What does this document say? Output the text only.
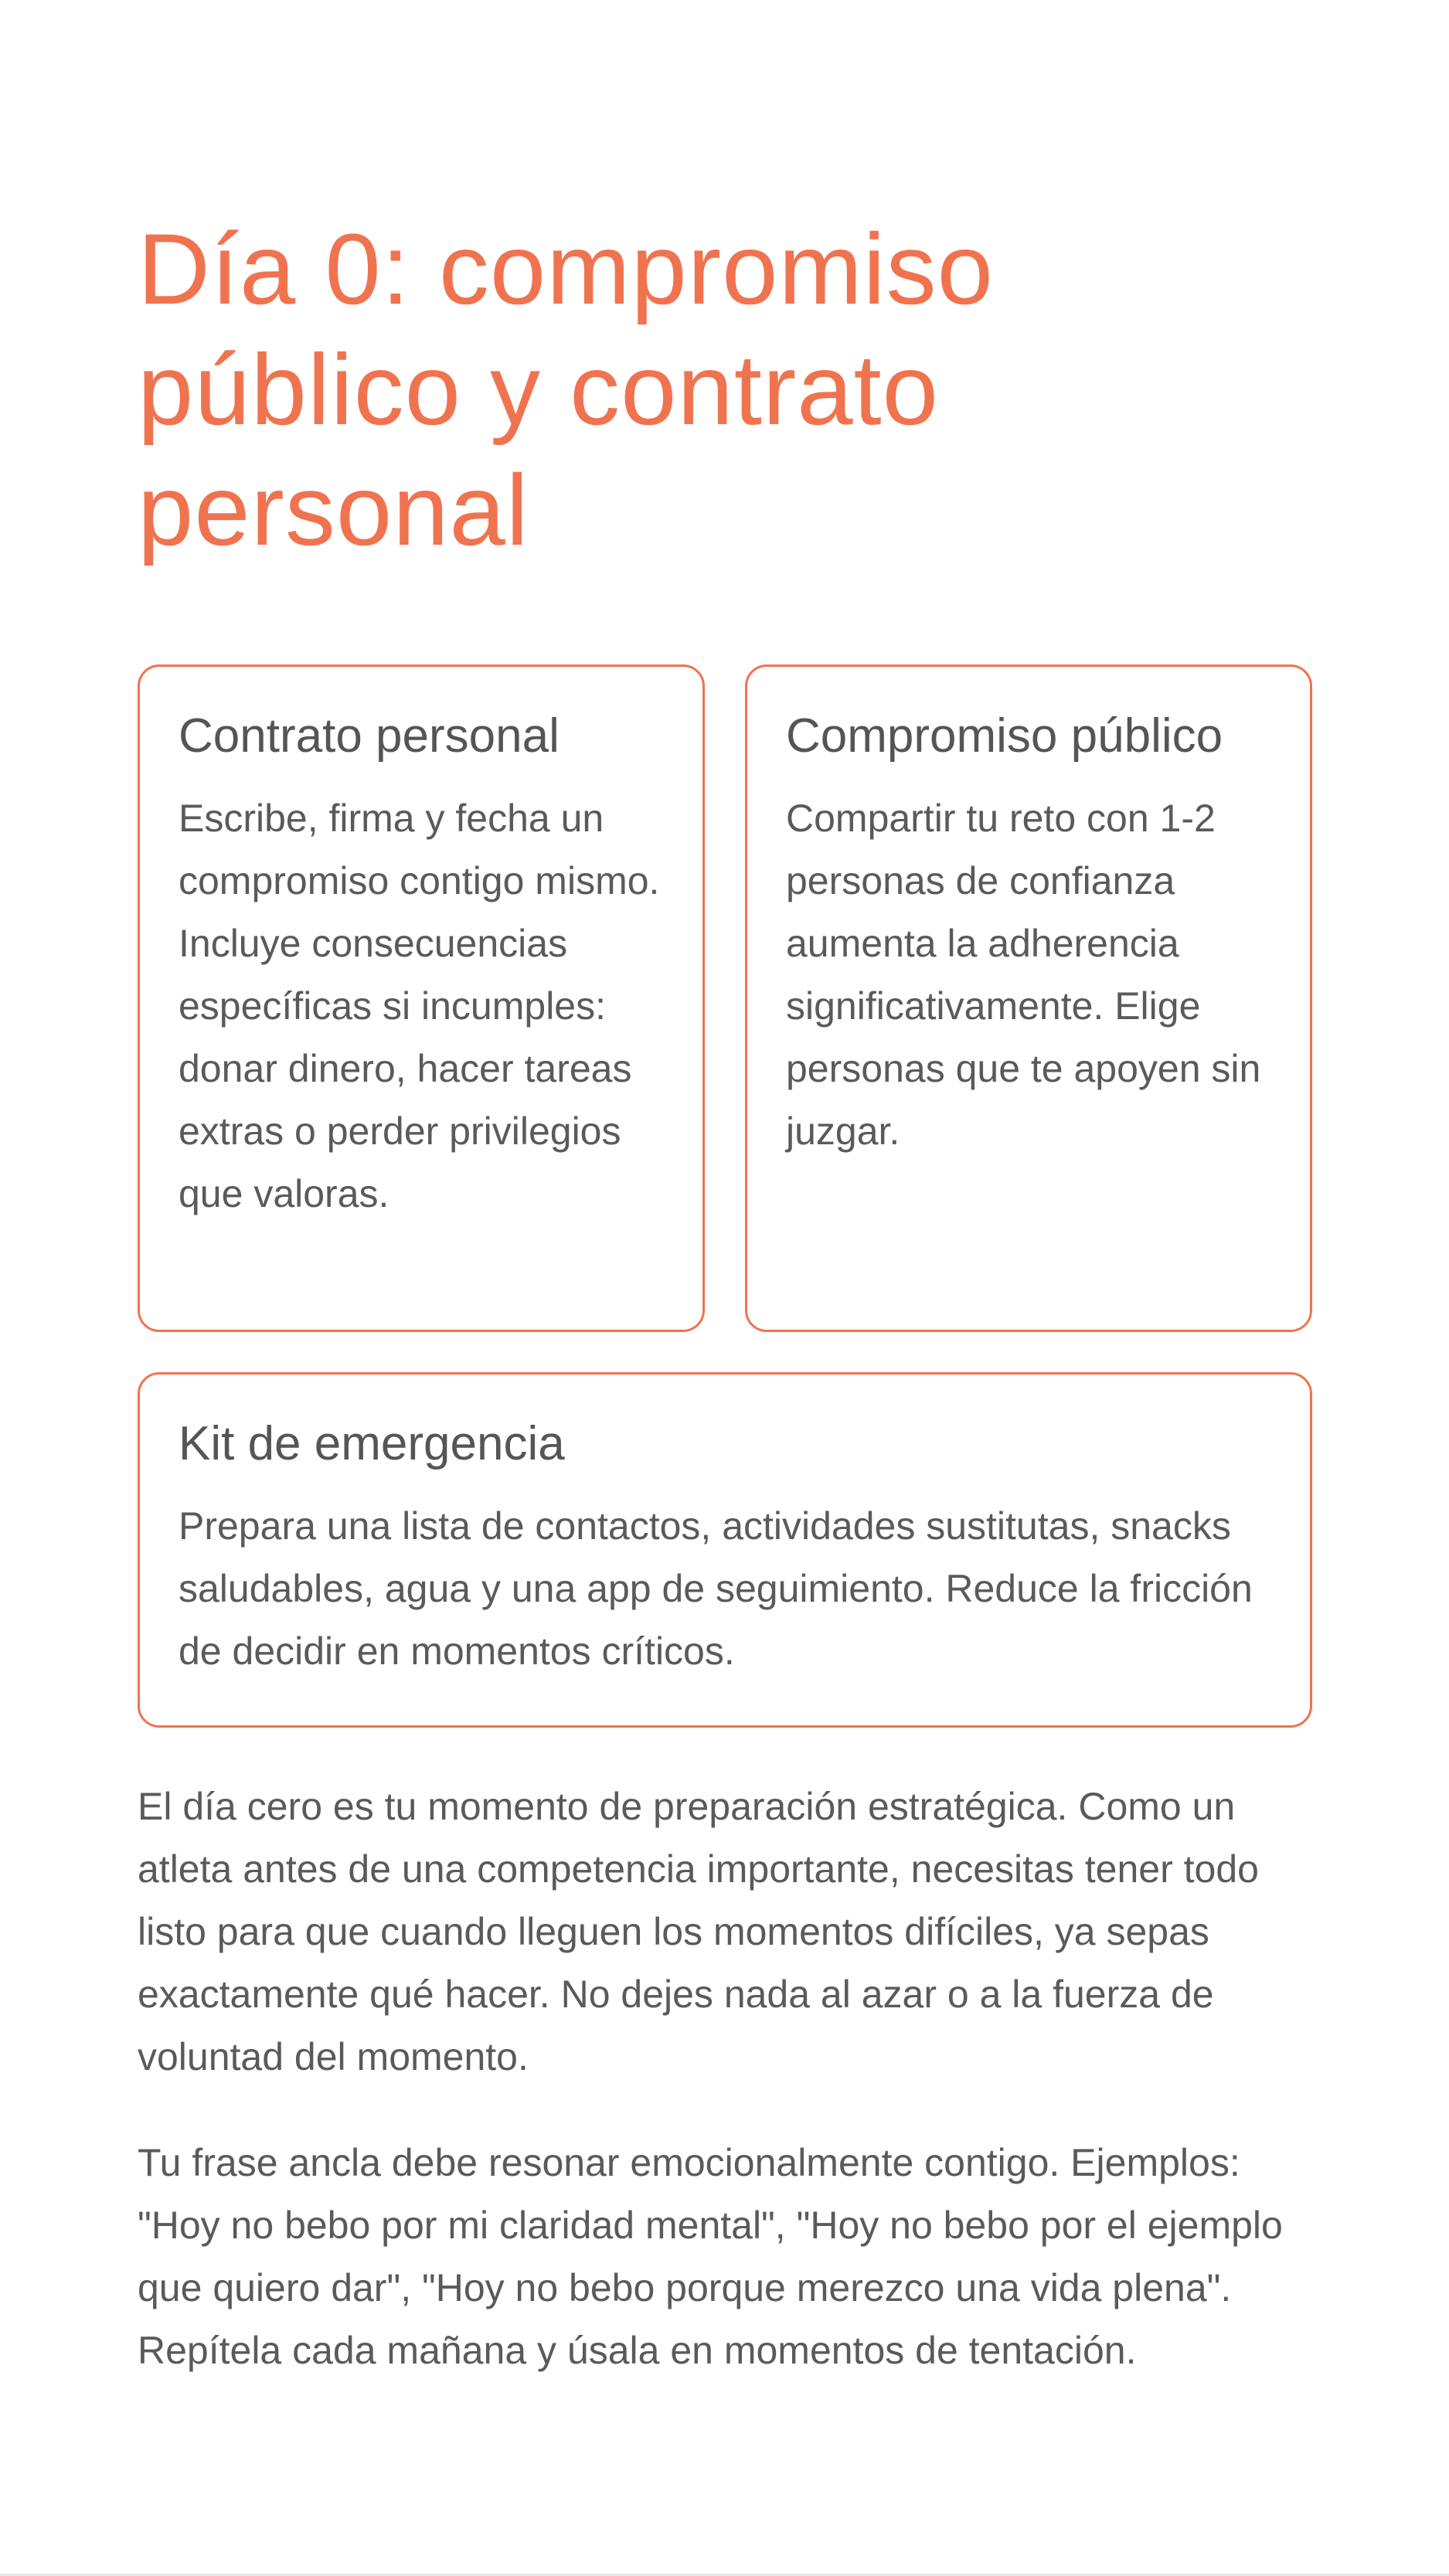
Día 0: compromiso público y contrato personal
Contrato personal

Escribe, firma y fecha un compromiso contigo mismo. Incluye consecuencias específicas si incumples: donar dinero, hacer tareas extras o perder privilegios que valoras.

Compromiso público

Compartir tu reto con 1-2 personas de confianza aumenta la adherencia significativamente. Elige personas que te apoyen sin juzgar.

Kit de emergencia

Prepara una lista de contactos, actividades sustitutas, snacks saludables, agua y una app de seguimiento. Reduce la fricción de decidir en momentos críticos.

El día cero es tu momento de preparación estratégica. Como un atleta antes de una competencia importante, necesitas tener todo listo para que cuando lleguen los momentos difíciles, ya sepas exactamente qué hacer. No dejes nada al azar o a la fuerza de voluntad del momento.

Tu frase ancla debe resonar emocionalmente contigo. Ejemplos: "Hoy no bebo por mi claridad mental", "Hoy no bebo por el ejemplo que quiero dar", "Hoy no bebo porque merezco una vida plena". Repítela cada mañana y úsala en momentos de tentación.
